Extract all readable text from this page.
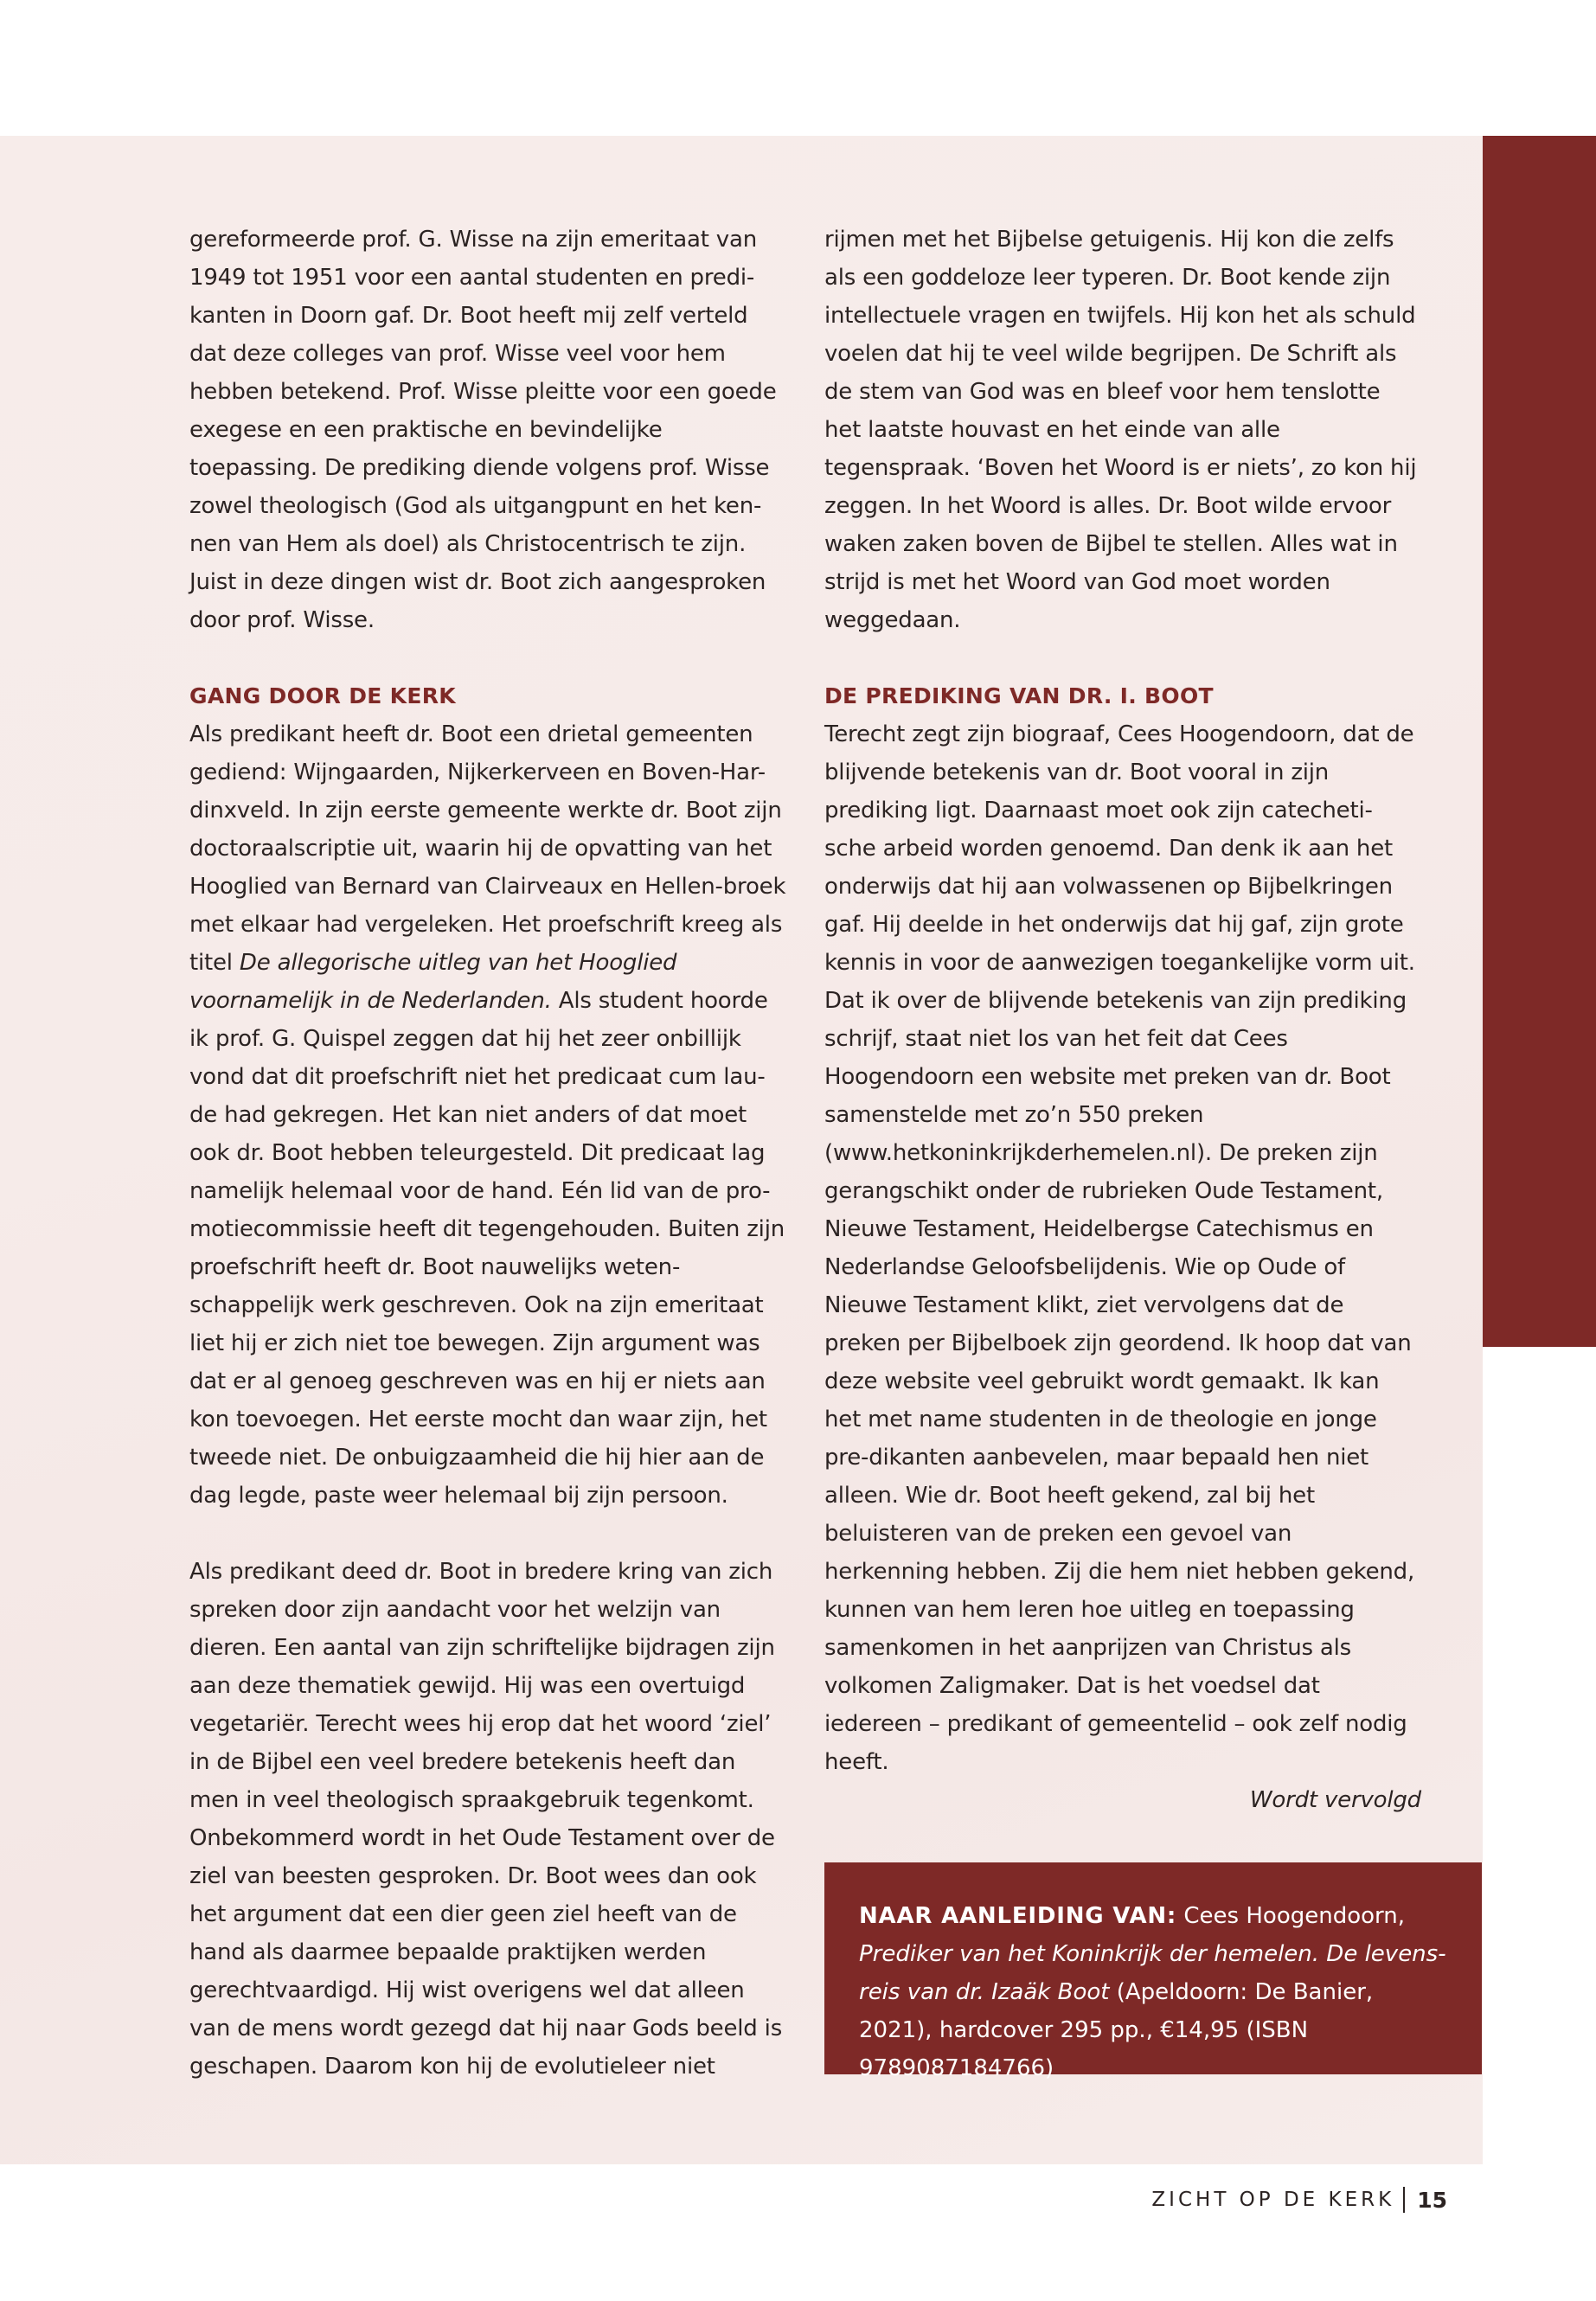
gereformeerde prof. G. Wisse na zijn emeritaat van 1949 tot 1951 voor een aantal studenten en predi-kanten in Doorn gaf. Dr. Boot heeft mij zelf verteld dat deze colleges van prof. Wisse veel voor hem hebben betekend. Prof. Wisse pleitte voor een goede exegese en een praktische en bevindelijke toepassing. De prediking diende volgens prof. Wisse zowel theologisch (God als uitgangpunt en het ken-nen van Hem als doel) als Christocentrisch te zijn. Juist in deze dingen wist dr. Boot zich aangesproken door prof. Wisse.

GANG DOOR DE KERK

Als predikant heeft dr. Boot een drietal gemeenten gediend: Wijngaarden, Nijkerkerveen en Boven-Har-dinxveld. In zijn eerste gemeente werkte dr. Boot zijn doctoraalscriptie uit, waarin hij de opvatting van het Hooglied van Bernard van Clairveaux en Hellen-broek met elkaar had vergeleken. Het proefschrift kreeg als titel De allegorische uitleg van het Hooglied voornamelijk in de Nederlanden. Als student hoorde ik prof. G. Quispel zeggen dat hij het zeer onbillijk vond dat dit proefschrift niet het predicaat cum lau-de had gekregen. Het kan niet anders of dat moet ook dr. Boot hebben teleurgesteld. Dit predicaat lag namelijk helemaal voor de hand. Eén lid van de pro-motiecommissie heeft dit tegengehouden. Buiten zijn proefschrift heeft dr. Boot nauwelijks weten-schappelijk werk geschreven. Ook na zijn emeritaat liet hij er zich niet toe bewegen. Zijn argument was dat er al genoeg geschreven was en hij er niets aan kon toevoegen. Het eerste mocht dan waar zijn, het tweede niet. De onbuigzaamheid die hij hier aan de dag legde, paste weer helemaal bij zijn persoon.

Als predikant deed dr. Boot in bredere kring van zich spreken door zijn aandacht voor het welzijn van dieren. Een aantal van zijn schriftelijke bijdragen zijn aan deze thematiek gewijd. Hij was een overtuigd vegetariër. Terecht wees hij erop dat het woord ‘ziel’ in de Bijbel een veel bredere betekenis heeft dan men in veel theologisch spraakgebruik tegenkomt. Onbekommerd wordt in het Oude Testament over de ziel van beesten gesproken. Dr. Boot wees dan ook het argument dat een dier geen ziel heeft van de hand als daarmee bepaalde praktijken werden gerechtvaardigd. Hij wist overigens wel dat alleen van de mens wordt gezegd dat hij naar Gods beeld is geschapen. Daarom kon hij de evolutieleer niet

rijmen met het Bijbelse getuigenis. Hij kon die zelfs als een goddeloze leer typeren. Dr. Boot kende zijn intellectuele vragen en twijfels. Hij kon het als schuld voelen dat hij te veel wilde begrijpen. De Schrift als de stem van God was en bleef voor hem tenslotte het laatste houvast en het einde van alle tegenspraak. ‘Boven het Woord is er niets’, zo kon hij zeggen. In het Woord is alles. Dr. Boot wilde ervoor waken zaken boven de Bijbel te stellen. Alles wat in strijd is met het Woord van God moet worden weggedaan.

DE PREDIKING VAN DR. I. BOOT

Terecht zegt zijn biograaf, Cees Hoogendoorn, dat de blijvende betekenis van dr. Boot vooral in zijn prediking ligt. Daarnaast moet ook zijn catecheti-sche arbeid worden genoemd. Dan denk ik aan het onderwijs dat hij aan volwassenen op Bijbelkringen gaf. Hij deelde in het onderwijs dat hij gaf, zijn grote kennis in voor de aanwezigen toegankelijke vorm uit. Dat ik over de blijvende betekenis van zijn prediking schrijf, staat niet los van het feit dat Cees Hoogendoorn een website met preken van dr. Boot samenstelde met zo’n 550 preken (www.hetkoninkrijkderhemelen.nl). De preken zijn gerangschikt onder de rubrieken Oude Testament, Nieuwe Testament, Heidelbergse Catechismus en Nederlandse Geloofsbelijdenis. Wie op Oude of Nieuwe Testament klikt, ziet vervolgens dat de preken per Bijbelboek zijn geordend. Ik hoop dat van deze website veel gebruikt wordt gemaakt. Ik kan het met name studenten in de theologie en jonge pre-dikanten aanbevelen, maar bepaald hen niet alleen. Wie dr. Boot heeft gekend, zal bij het beluisteren van de preken een gevoel van herkenning hebben. Zij die hem niet hebben gekend, kunnen van hem leren hoe uitleg en toepassing samenkomen in het aanprijzen van Christus als volkomen Zaligmaker. Dat is het voedsel dat iedereen – predikant of gemeentelid – ook zelf nodig heeft.

Wordt vervolgd

NAAR AANLEIDING VAN: Cees Hoogendoorn, Prediker van het Koninkrijk der hemelen. De levens-reis van dr. Izaäk Boot (Apeldoorn: De Banier, 2021), hardcover 295 pp., €14,95 (ISBN 9789087184766)

ZICHT OP DE KERK 15
